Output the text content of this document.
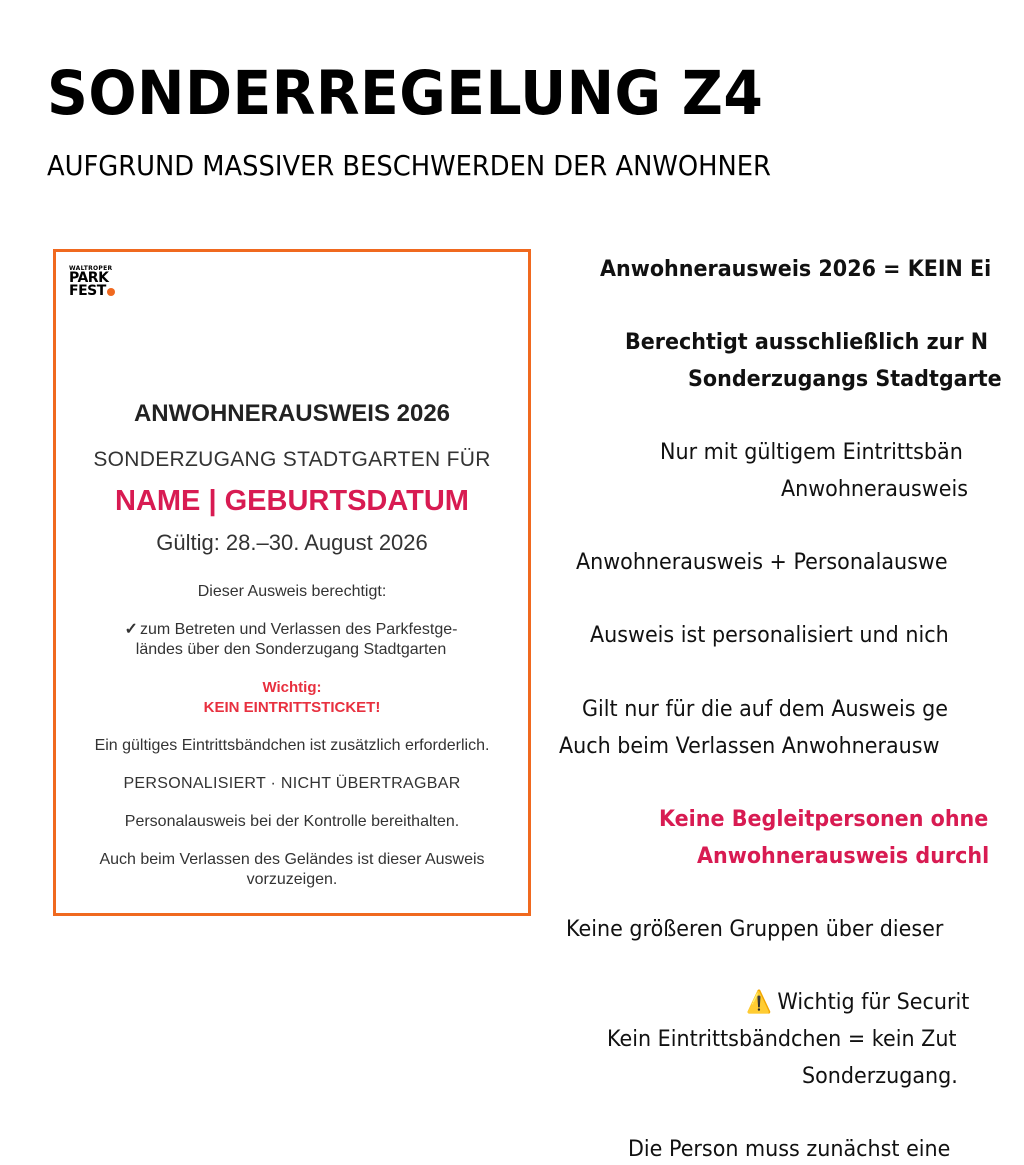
SONDERREGELUNG Z4

AUFGRUND MASSIVER BESCHWERDEN DER ANWOHNER

WALTROPER
PARK
FEST

ANWOHNERAUSWEIS 2026

SONDERZUGANG STADTGARTEN FÜR

NAME | GEBURTSDATUM

Gültig: 28.–30. August 2026

Dieser Ausweis berechtigt:

✓ zum Betreten und Verlassen des Parkfestge-ländes über den Sonderzugang Stadtgarten

Wichtig:

KEIN EINTRITTSTICKET!

Ein gültiges Eintrittsbändchen ist zusätzlich erforderlich.

PERSONALISIERT · NICHT ÜBERTRAGBAR

Personalausweis bei der Kontrolle bereithalten.

Auch beim Verlassen des Geländes ist dieser Ausweis vorzuzeigen.

Anwohnerausweis 2026 = KEIN Ei

Berechtigt ausschließlich zur N

Sonderzugangs Stadtgarte

Nur mit gültigem Eintrittsbän

Anwohnerausweis

Anwohnerausweis + Personalauswe

Ausweis ist personalisiert und nich

Gilt nur für die auf dem Ausweis ge

Auch beim Verlassen Anwohnerausw

Keine Begleitpersonen ohne

Anwohnerausweis durchl

Keine größeren Gruppen über dieser

⚠️ Wichtig für Securit

Kein Eintrittsbändchen = kein Zut

Sonderzugang.

Die Person muss zunächst eine
